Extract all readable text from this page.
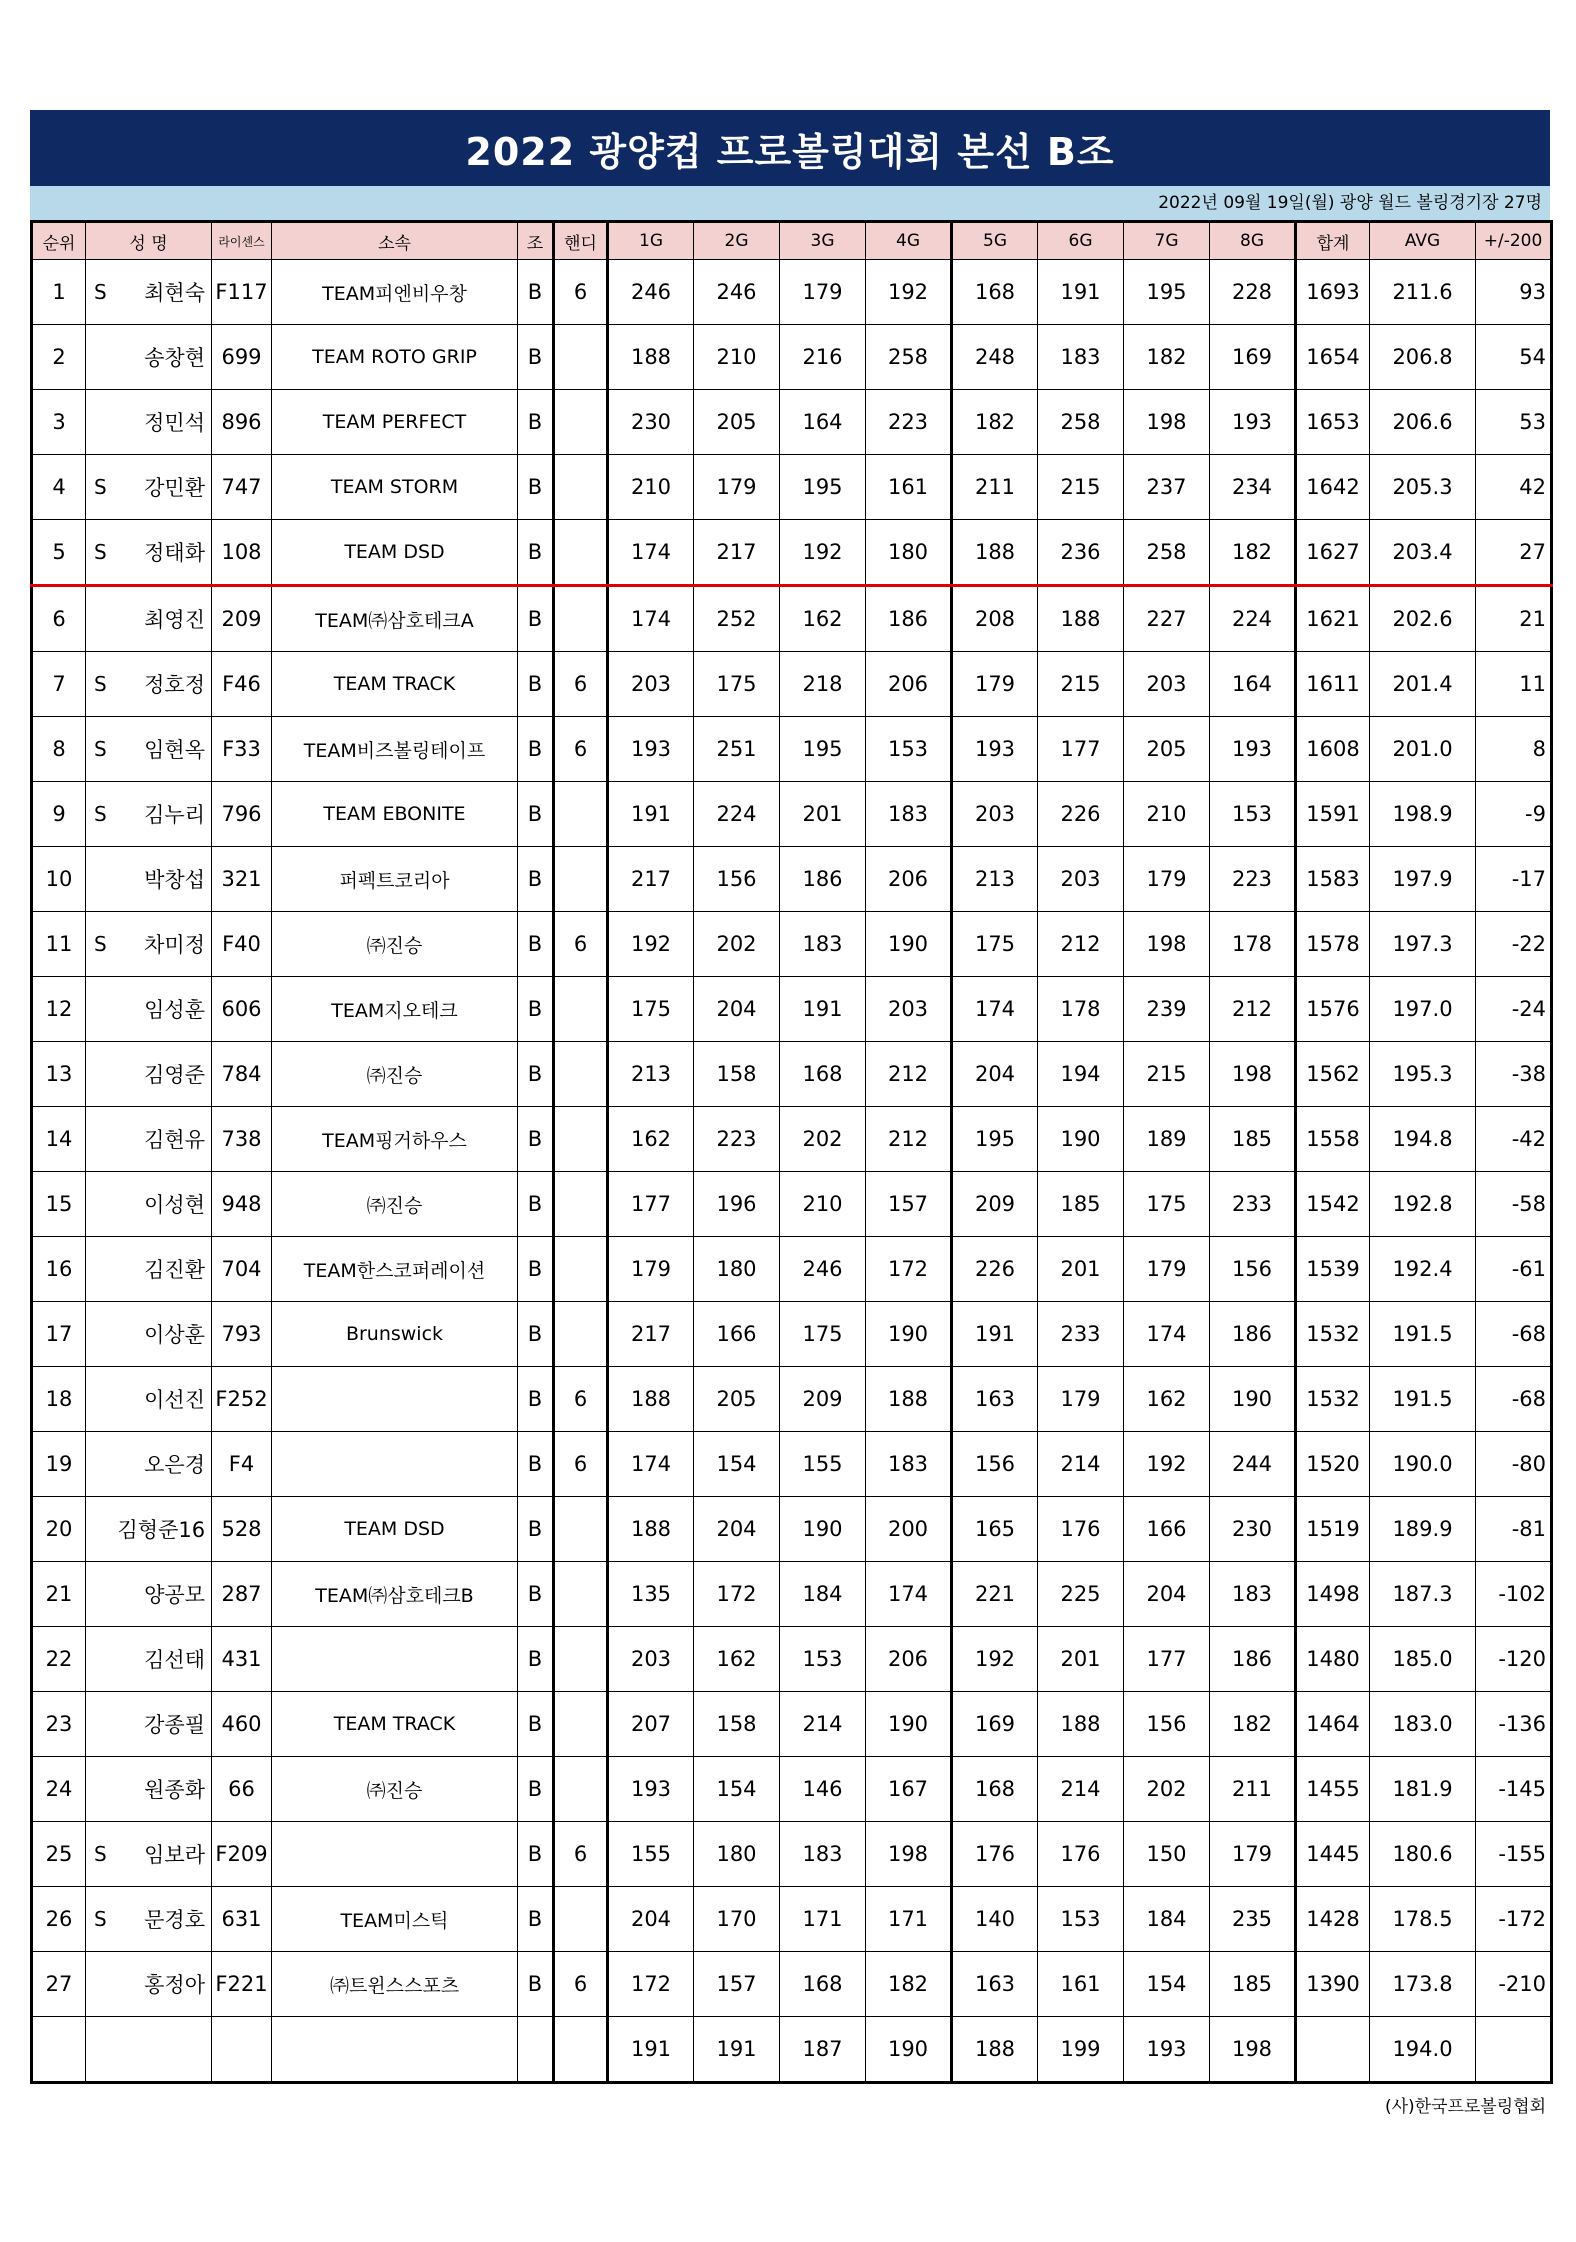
2022 광양컵 프로볼링대회 본선 B조
2022년 09월 19일(월) 광양 월드 볼링경기장 27명
순위	성 명		라이센스	소속	조	핸디	1G	2G	3G	4G	5G	6G	7G	8G	합계	AVG	+/-200
1	S	최현숙	F117	TEAM피엔비우창	B	6	246	246	179	192	168	191	195	228	1693	211.6	93
2		송창현	699	TEAM ROTO GRIP	B		188	210	216	258	248	183	182	169	1654	206.8	54
3		정민석	896	TEAM PERFECT	B		230	205	164	223	182	258	198	193	1653	206.6	53
4	S	강민환	747	TEAM STORM	B		210	179	195	161	211	215	237	234	1642	205.3	42
5	S	정태화	108	TEAM DSD	B		174	217	192	180	188	236	258	182	1627	203.4	27
6		최영진	209	TEAM㈜삼호테크A	B		174	252	162	186	208	188	227	224	1621	202.6	21
7	S	정호정	F46	TEAM TRACK	B	6	203	175	218	206	179	215	203	164	1611	201.4	11
8	S	임현옥	F33	TEAM비즈볼링테이프	B	6	193	251	195	153	193	177	205	193	1608	201.0	8
9	S	김누리	796	TEAM EBONITE	B		191	224	201	183	203	226	210	153	1591	198.9	-9
10		박창섭	321	퍼펙트코리아	B		217	156	186	206	213	203	179	223	1583	197.9	-17
11	S	차미정	F40	㈜진승	B	6	192	202	183	190	175	212	198	178	1578	197.3	-22
12		임성훈	606	TEAM지오테크	B		175	204	191	203	174	178	239	212	1576	197.0	-24
13		김영준	784	㈜진승	B		213	158	168	212	204	194	215	198	1562	195.3	-38
14		김현유	738	TEAM핑거하우스	B		162	223	202	212	195	190	189	185	1558	194.8	-42
15		이성현	948	㈜진승	B		177	196	210	157	209	185	175	233	1542	192.8	-58
16		김진환	704	TEAM한스코퍼레이션	B		179	180	246	172	226	201	179	156	1539	192.4	-61
17		이상훈	793	Brunswick	B		217	166	175	190	191	233	174	186	1532	191.5	-68
18		이선진	F252		B	6	188	205	209	188	163	179	162	190	1532	191.5	-68
19		오은경	F4		B	6	174	154	155	183	156	214	192	244	1520	190.0	-80
20		김형준16	528	TEAM DSD	B		188	204	190	200	165	176	166	230	1519	189.9	-81
21		양공모	287	TEAM㈜삼호테크B	B		135	172	184	174	221	225	204	183	1498	187.3	-102
22		김선태	431		B		203	162	153	206	192	201	177	186	1480	185.0	-120
23		강종필	460	TEAM TRACK	B		207	158	214	190	169	188	156	182	1464	183.0	-136
24		원종화	66	㈜진승	B		193	154	146	167	168	214	202	211	1455	181.9	-145
25	S	임보라	F209		B	6	155	180	183	198	176	176	150	179	1445	180.6	-155
26	S	문경호	631	TEAM미스틱	B		204	170	171	171	140	153	184	235	1428	178.5	-172
27		홍정아	F221	㈜트윈스스포츠	B	6	172	157	168	182	163	161	154	185	1390	173.8	-210
							191	191	187	190	188	199	193	198		194.0	
(사)한국프로볼링협회
